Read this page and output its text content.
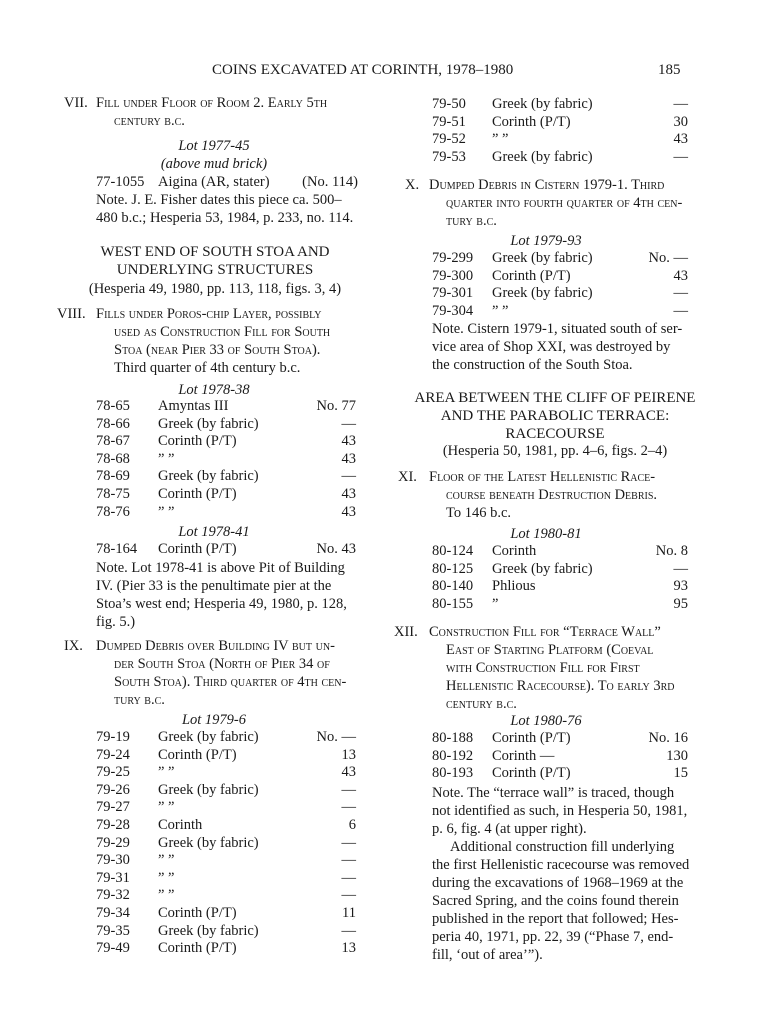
COINS EXCAVATED AT CORINTH, 1978–1980	185
VII. Fill under Floor of Room 2. Early 5th
century b.c.
Lot 1977-45
(above mud brick)
77-1055 Aigina (AR, stater) (No. 114)
Note. J. E. Fisher dates this piece ca. 500–
480 b.c.; Hesperia 53, 1984, p. 233, no. 114.
WEST END OF SOUTH STOA AND
UNDERLYING STRUCTURES
(Hesperia 49, 1980, pp. 113, 118, figs. 3, 4)
VIII. Fills under Poros-chip Layer, possibly
used as Construction Fill for South
Stoa (near Pier 33 of South Stoa).
Third quarter of 4th century b.c.
Lot 1978-38
78-65 Amyntas III	No. 77
78-66 Greek (by fabric)	—
78-67 Corinth (P/T)	43
78-68 ” ”	43
78-69 Greek (by fabric)	—
78-75 Corinth (P/T)	43
78-76 ” ”	43
Lot 1978-41
78-164 Corinth (P/T)	No. 43
Note. Lot 1978-41 is above Pit of Building
IV. (Pier 33 is the penultimate pier at the
Stoa’s west end; Hesperia 49, 1980, p. 128,
fig. 5.)
IX. Dumped Debris over Building IV but un-
der South Stoa (North of Pier 34 of
South Stoa). Third quarter of 4th cen-
tury b.c.
Lot 1979-6
79-19 Greek (by fabric)	No. —
79-24 Corinth (P/T)	13
79-25 ” ”	43
79-26 Greek (by fabric)	—
79-27 ” ”	—
79-28 Corinth	6
79-29 Greek (by fabric)	—
79-30 ” ”	—
79-31 ” ”	—
79-32 ” ”	—
79-34 Corinth (P/T)	11
79-35 Greek (by fabric)	—
79-49 Corinth (P/T)	13
79-50 Greek (by fabric)	—
79-51 Corinth (P/T)	30
79-52 ” ”	43
79-53 Greek (by fabric)	—
X. Dumped Debris in Cistern 1979-1. Third
quarter into fourth quarter of 4th cen-
tury b.c.
Lot 1979-93
79-299 Greek (by fabric)	No. —
79-300 Corinth (P/T)	43
79-301 Greek (by fabric)	—
79-304 ” ”	—
Note. Cistern 1979-1, situated south of ser-
vice area of Shop XXI, was destroyed by
the construction of the South Stoa.
AREA BETWEEN THE CLIFF OF PEIRENE
AND THE PARABOLIC TERRACE:
RACECOURSE
(Hesperia 50, 1981, pp. 4–6, figs. 2–4)
XI. Floor of the Latest Hellenistic Race-
course beneath Destruction Debris.
To 146 b.c.
Lot 1980-81
80-124 Corinth	No. 8
80-125 Greek (by fabric)	—
80-140 Phlious	93
80-155 ”	95
XII. Construction Fill for “Terrace Wall”
East of Starting Platform (Coeval
with Construction Fill for First
Hellenistic Racecourse). To early 3rd
century b.c.
Lot 1980-76
80-188 Corinth (P/T)	No. 16
80-192 Corinth —	130
80-193 Corinth (P/T)	15
Note. The “terrace wall” is traced, though
not identified as such, in Hesperia 50, 1981,
p. 6, fig. 4 (at upper right).
Additional construction fill underlying
the first Hellenistic racecourse was removed
during the excavations of 1968–1969 at the
Sacred Spring, and the coins found therein
published in the report that followed; Hes-
peria 40, 1971, pp. 22, 39 (“Phase 7, end-
fill, ‘out of area’”).
